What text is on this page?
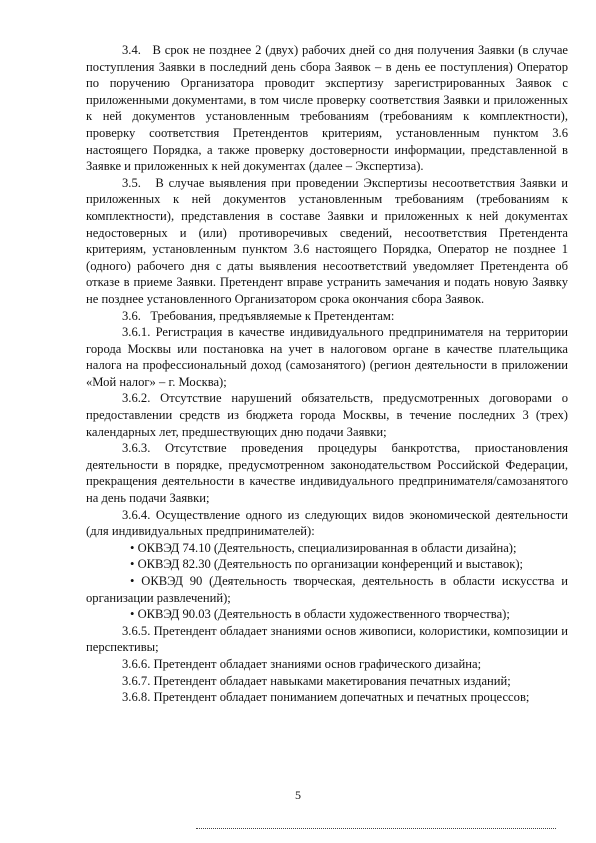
3.4.   В срок не позднее 2 (двух) рабочих дней со дня получения Заявки (в случае поступления Заявки в последний день сбора Заявок – в день ее поступления) Оператор по поручению Организатора проводит экспертизу зарегистрированных Заявок с приложенными документами, в том числе проверку соответствия Заявки и приложенных к ней документов установленным требованиям (требованиям к комплектности), проверку соответствия Претендентов критериям, установленным пунктом 3.6 настоящего Порядка, а также проверку достоверности информации, представленной в Заявке и приложенных к ней документах (далее – Экспертиза).

3.5.   В случае выявления при проведении Экспертизы несоответствия Заявки и приложенных к ней документов установленным требованиям (требованиям к комплектности), представления в составе Заявки и приложенных к ней документах недостоверных и (или) противоречивых сведений, несоответствия Претендента критериям, установленным пунктом 3.6 настоящего Порядка, Оператор не позднее 1 (одного) рабочего дня с даты выявления несоответствий уведомляет Претендента об отказе в приеме Заявки. Претендент вправе устранить замечания и подать новую Заявку не позднее установленного Организатором срока окончания сбора Заявок.

3.6.   Требования, предъявляемые к Претендентам:

3.6.1. Регистрация в качестве индивидуального предпринимателя на территории города Москвы или постановка на учет в налоговом органе в качестве плательщика налога на профессиональный доход (самозанятого) (регион деятельности в приложении «Мой налог» – г. Москва);

3.6.2. Отсутствие нарушений обязательств, предусмотренных договорами о предоставлении средств из бюджета города Москвы, в течение последних 3 (трех) календарных лет, предшествующих дню подачи Заявки;

3.6.3. Отсутствие проведения процедуры банкротства, приостановления деятельности в порядке, предусмотренном законодательством Российской Федерации, прекращения деятельности в качестве индивидуального предпринимателя/самозанятого на день подачи Заявки;

3.6.4. Осуществление одного из следующих видов экономической деятельности (для индивидуальных предпринимателей):

• ОКВЭД 74.10 (Деятельность, специализированная в области дизайна);

• ОКВЭД 82.30 (Деятельность по организации конференций и выставок);

• ОКВЭД 90 (Деятельность творческая, деятельность в области искусства и организации развлечений);

• ОКВЭД 90.03 (Деятельность в области художественного творчества);

3.6.5. Претендент обладает знаниями основ живописи, колористики, композиции и перспективы;

3.6.6. Претендент обладает знаниями основ графического дизайна;

3.6.7. Претендент обладает навыками макетирования печатных изданий;

3.6.8. Претендент обладает пониманием допечатных и печатных процессов;

5
